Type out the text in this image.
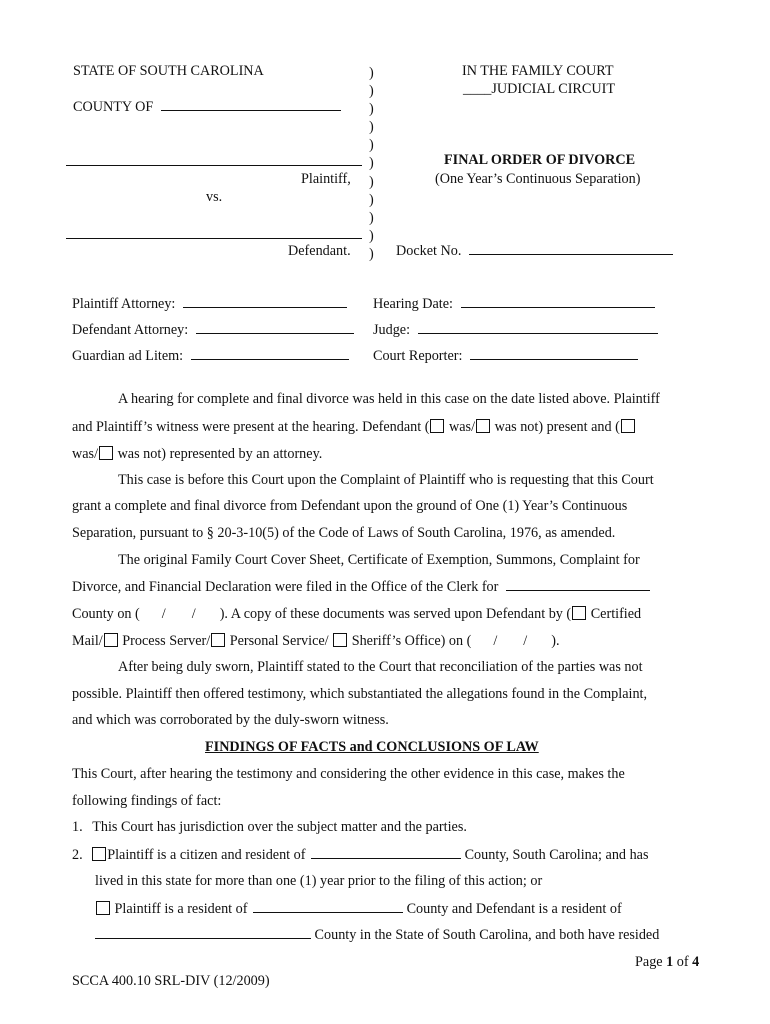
STATE OF SOUTH CAROLINA
COUNTY OF
Plaintiff,
vs.
Defendant.
)
)
)
)
)
)
)
)
)
)
)
IN THE FAMILY COURT
____JUDICIAL CIRCUIT
FINAL ORDER OF DIVORCE
(One Year’s Continuous Separation)
Docket No.
Plaintiff Attorney:
Defendant Attorney:
Guardian ad Litem:
Hearing Date:
Judge:
Court Reporter:
A hearing for complete and final divorce was held in this case on the date listed above. Plaintiff
and Plaintiff’s witness were present at the hearing. Defendant ( was/ was not) present and (
was/ was not) represented by an attorney.
This case is before this Court upon the Complaint of Plaintiff who is requesting that this Court
grant a complete and final divorce from Defendant upon the ground of One (1) Year’s Continuous
Separation, pursuant to § 20-3-10(5) of the Code of Laws of South Carolina, 1976, as amended.
The original Family Court Cover Sheet, Certificate of Exemption, Summons, Complaint for
Divorce, and Financial Declaration were filed in the Office of the Clerk for
County on ( / / ). A copy of these documents was served upon Defendant by ( Certified
Mail/ Process Server/ Personal Service/ Sheriff’s Office) on ( / / ).
After being duly sworn, Plaintiff stated to the Court that reconciliation of the parties was not
possible. Plaintiff then offered testimony, which substantiated the allegations found in the Complaint,
and which was corroborated by the duly-sworn witness.
FINDINGS OF FACTS and CONCLUSIONS OF LAW
This Court, after hearing the testimony and considering the other evidence in this case, makes the
following findings of fact:
1. This Court has jurisdiction over the subject matter and the parties.
2. Plaintiff is a citizen and resident of	County, South Carolina; and has
lived in this state for more than one (1) year prior to the filing of this action; or
Plaintiff is a resident of	County and Defendant is a resident of
County in the State of South Carolina, and both have resided
Page 1 of 4
SCCA 400.10 SRL-DIV (12/2009)
